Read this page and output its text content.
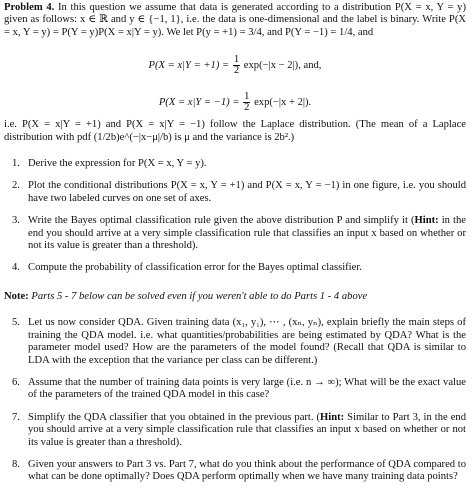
Problem 4. In this question we assume that data is generated according to a distribution P(X = x, Y = y) given as follows: x ∈ ℝ and y ∈ {−1, 1}, i.e. the data is one-dimensional and the label is binary. Write P(X = x, Y = y) = P(Y = y)P(X = x|Y = y). We let P(y = +1) = 3/4, and P(Y = −1) = 1/4, and

$P(X = x|Y = +1) = \frac{1}{2} \exp(-|x - 2|)$, and,
$P(X = x|Y = -1) = \frac{1}{2} \exp(-|x + 2|)$.

i.e. P(X = x|Y = +1) and P(X = x|Y = −1) follow the Laplace distribution. (The mean of a Laplace distribution with pdf (1/2b)e^(−|x−μ|/b) is μ and the variance is 2b².)

1. Derive the expression for P(X = x, Y = y).
2. Plot the conditional distributions P(X = x, Y = +1) and P(X = x, Y = −1) in one figure, i.e. you should have two labeled curves on one set of axes.
3. Write the Bayes optimal classification rule given the above distribution P and simplify it (Hint: in the end you should arrive at a very simple classification rule that classifies an input x based on whether or not its value is greater than a threshold).
4. Compute the probability of classification error for the Bayes optimal classifier.
Note: Parts 5 - 7 below can be solved even if you weren't able to do Parts 1 - 4 above
5. Let us now consider QDA. Given training data (x₁, y₁), ⋯ , (xₙ, yₙ), explain briefly the main steps of training the QDA model. i.e. what quantities/probabilities are being estimated by QDA? What is the parameter model used? How are the parameters of the model found? (Recall that QDA is similar to LDA with the exception that the variance per class can be different.)
6. Assume that the number of training data points is very large (i.e. n → ∞); What will be the exact value of the parameters of the trained QDA model in this case?
7. Simplify the QDA classifier that you obtained in the previous part. (Hint: Similar to Part 3, in the end you should arrive at a very simple classification rule that classifies an input x based on whether or not its value is greater than a threshold).
8. Given your answers to Part 3 vs. Part 7, what do you think about the performance of QDA compared to what can be done optimally? Does QDA perform optimally when we have many training data points?
